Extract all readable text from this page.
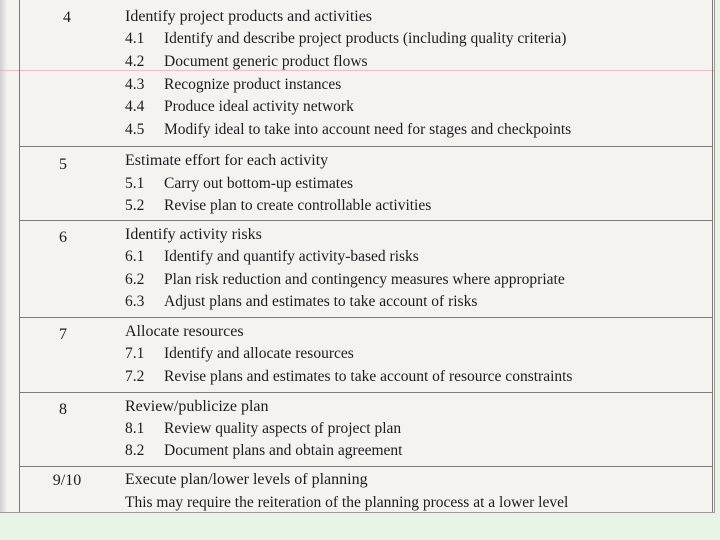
4	Identify project products and activities
4.1 Identify and describe project products (including quality criteria)
4.2 Document generic product flows
4.3 Recognize product instances
4.4 Produce ideal activity network
4.5 Modify ideal to take into account need for stages and checkpoints
5	Estimate effort for each activity
5.1 Carry out bottom-up estimates
5.2 Revise plan to create controllable activities
6	Identify activity risks
6.1 Identify and quantify activity-based risks
6.2 Plan risk reduction and contingency measures where appropriate
6.3 Adjust plans and estimates to take account of risks
7	Allocate resources
7.1 Identify and allocate resources
7.2 Revise plans and estimates to take account of resource constraints
8	Review/publicize plan
8.1 Review quality aspects of project plan
8.2 Document plans and obtain agreement
9/10	Execute plan/lower levels of planning
This may require the reiteration of the planning process at a lower level
